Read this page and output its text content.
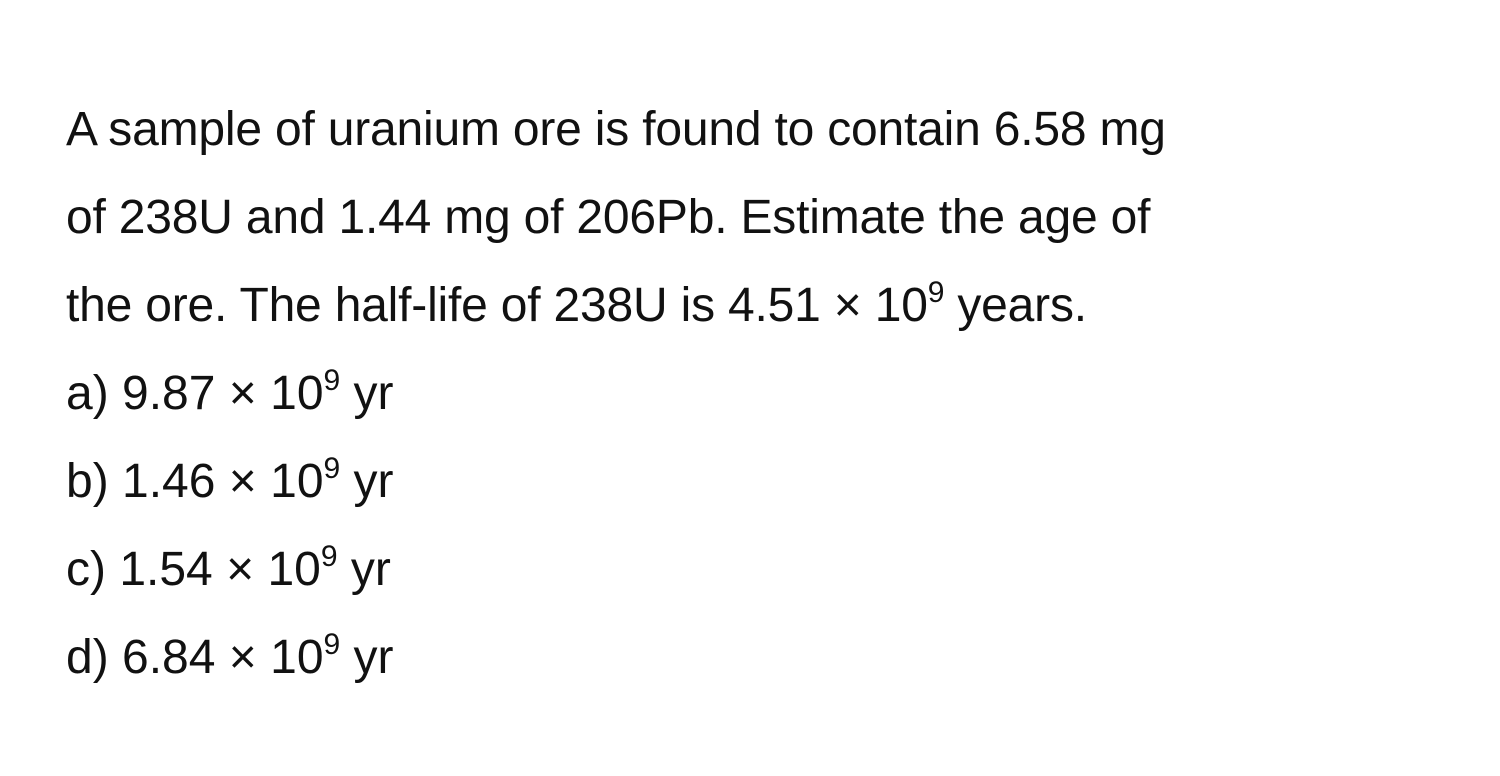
A sample of uranium ore is found to contain 6.58 mg
of 238U and 1.44 mg of 206Pb. Estimate the age of
the ore. The half-life of 238U is $4.51 \times 10^9$ years.

a) $9.87 \times 10^9$ yr
b) $1.46 \times 10^9$ yr
c) $1.54 \times 10^9$ yr
d) $6.84 \times 10^9$ yr
